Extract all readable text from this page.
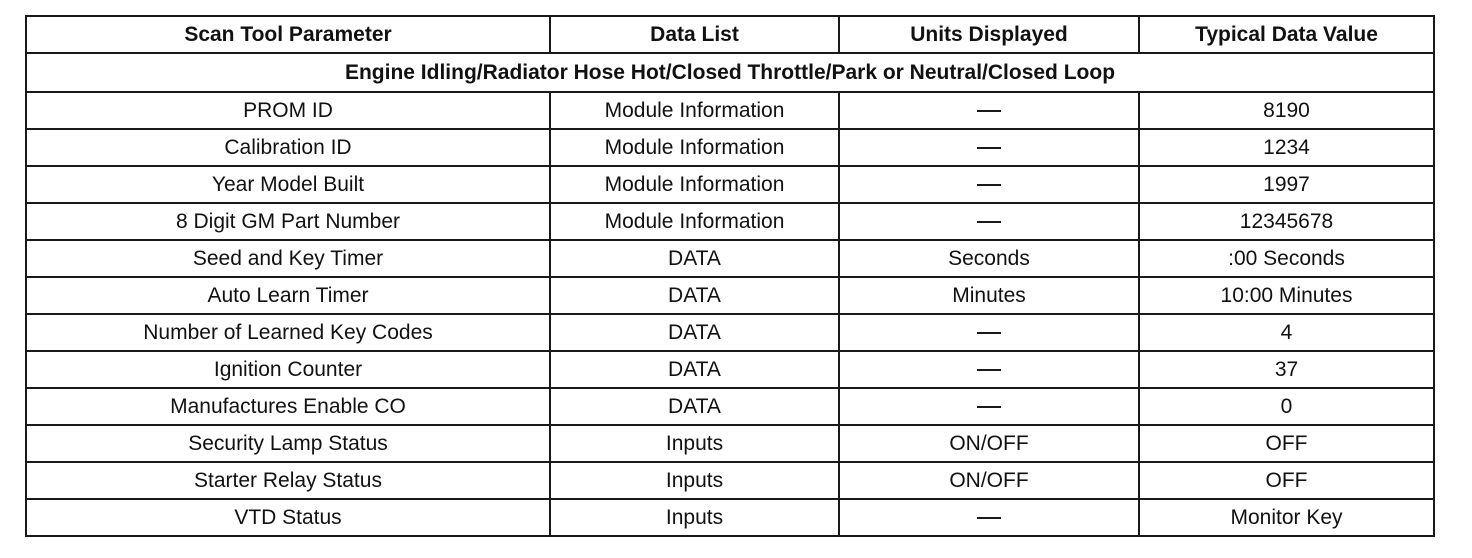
Scan Tool Parameter	Data List	Units Displayed	Typical Data Value
Engine Idling/Radiator Hose Hot/Closed Throttle/Park or Neutral/Closed Loop			
PROM ID	Module Information		8190
Calibration ID	Module Information		1234
Year Model Built	Module Information		1997
8 Digit GM Part Number	Module Information		12345678
Seed and Key Timer	DATA	Seconds	:00 Seconds
Auto Learn Timer	DATA	Minutes	10:00 Minutes
Number of Learned Key Codes	DATA		4
Ignition Counter	DATA		37
Manufactures Enable CO	DATA		0
Security Lamp Status	Inputs	ON/OFF	OFF
Starter Relay Status	Inputs	ON/OFF	OFF
VTD Status	Inputs		Monitor Key
